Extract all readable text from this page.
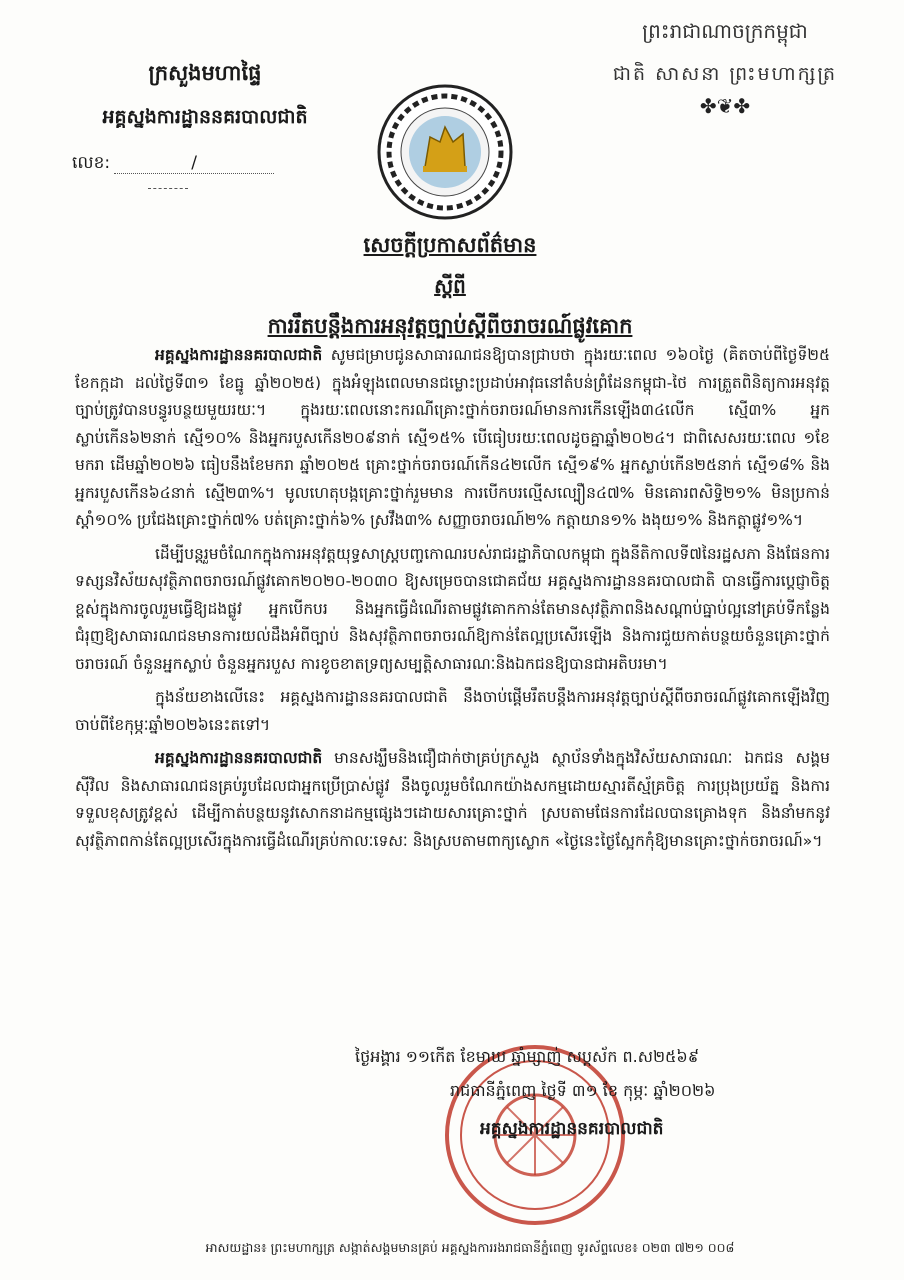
ក្រសួងមហាផ្ទៃ
អគ្គស្នងការដ្ឋាននគរបាលជាតិ
លេខ:	/
ព្រះរាជាណាចក្រកម្ពុជា
ជាតិ សាសនា ព្រះមហាក្សត្រ
✤❦✤
សេចក្តីប្រកាសព័ត៌មាន
ស្តីពី
ការរឹតបន្តឹងការអនុវត្តច្បាប់ស្តីពីចរាចរណ៍ផ្លូវគោក

អគ្គស្នងការដ្ឋាននគរបាលជាតិ សូមជម្រាបជូនសាធារណជនឱ្យបានជ្រាបថា ក្នុងរយៈពេល ១៦០ថ្ងៃ (គិតចាប់ពីថ្ងៃទី២៥ ខែកក្កដា ដល់ថ្ងៃទី៣១ ខែធ្នូ ឆ្នាំ២០២៥) ក្នុងអំឡុងពេលមានជម្លោះប្រដាប់អាវុធនៅតំបន់ព្រំដែនកម្ពុជា-ថៃ ការត្រួតពិនិត្យការអនុវត្តច្បាប់ត្រូវបានបន្ធូរបន្ថយមួយរយៈ។ ក្នុងរយៈពេលនោះករណីគ្រោះថ្នាក់ចរាចរណ៍មានការកើនឡើង៣៤លើក ស្មើ៣% អ្នកស្លាប់កើន៦២នាក់ ស្មើ១០% និងអ្នករបួសកើន២០៩នាក់ ស្មើ១៥% បើធៀបរយៈពេលដូចគ្នាឆ្នាំ២០២៤។ ជាពិសេសរយៈពេល ១ខែមករា ដើមឆ្នាំ២០២៦ ធៀបនឹងខែមករា ឆ្នាំ២០២៥ គ្រោះថ្នាក់ចរាចរណ៍កើន៤២លើក ស្មើ១៩% អ្នកស្លាប់កើន២៥នាក់ ស្មើ១៨% និងអ្នករបួសកើន៦៤នាក់ ស្មើ២៣%។ មូលហេតុបង្កគ្រោះថ្នាក់រួមមាន ការបើកបរល្មើសល្បឿន៤៧% មិនគោរពសិទ្ធិ២១% មិនប្រកាន់ស្តាំ១០% ប្រជែងគ្រោះថ្នាក់៧% បត់គ្រោះថ្នាក់៦% ស្រវឹង៣% សញ្ញាចរាចរណ៍២% កត្តាយាន១% ងងុយ១% និងកត្តាផ្លូវ១%។

ដើម្បីបន្តរួមចំណែកក្នុងការអនុវត្តយុទ្ធសាស្ត្របញ្ចកោណរបស់រាជរដ្ឋាភិបាលកម្ពុជា ក្នុងនីតិកាលទី៧នៃរដ្ឋសភា និងផែនការទស្សនវិស័យសុវត្ថិភាពចរាចរណ៍ផ្លូវគោក២០២០-២០៣០ ឱ្យសម្រេចបានជោគជ័យ អគ្គស្នងការដ្ឋាននគរបាលជាតិ បានធ្វើការប្តេជ្ញាចិត្តខ្ពស់ក្នុងការចូលរួមធ្វើឱ្យដងផ្លូវ អ្នកបើកបរ និងអ្នកធ្វើដំណើរតាមផ្លូវគោកកាន់តែមានសុវត្ថិភាពនិងសណ្តាប់ធ្នាប់ល្អនៅគ្រប់ទីកន្លែង ជំរុញឱ្យសាធារណជនមានការយល់ដឹងអំពីច្បាប់ និងសុវត្ថិភាពចរាចរណ៍ឱ្យកាន់តែល្អប្រសើរឡើង និងការជួយកាត់បន្ថយចំនួនគ្រោះថ្នាក់ចរាចរណ៍ ចំនួនអ្នកស្លាប់ ចំនួនអ្នករបួស ការខូចខាតទ្រព្យសម្បត្តិសាធារណៈនិងឯកជនឱ្យបានជាអតិបរមា។

ក្នុងន័យខាងលើនេះ អគ្គស្នងការដ្ឋាននគរបាលជាតិ នឹងចាប់ផ្តើមរឹតបន្តឹងការអនុវត្តច្បាប់ស្តីពីចរាចរណ៍ផ្លូវគោកឡើងវិញចាប់ពីខែកុម្ភៈឆ្នាំ២០២៦នេះតទៅ។

អគ្គស្នងការដ្ឋាននគរបាលជាតិ មានសង្ឃឹមនិងជឿជាក់ថាគ្រប់ក្រសួង ស្ថាប័នទាំងក្នុងវិស័យសាធារណៈ ឯកជន សង្គមស៊ីវិល និងសាធារណជនគ្រប់រូបដែលជាអ្នកប្រើប្រាស់ផ្លូវ នឹងចូលរួមចំណែកយ៉ាងសកម្មដោយស្មារតីស្ម័គ្រចិត្ត ការប្រុងប្រយ័ត្ន និងការទទួលខុសត្រូវខ្ពស់ ដើម្បីកាត់បន្ថយនូវសោកនាដកម្មផ្សេងៗដោយសារគ្រោះថ្នាក់ ស្របតាមផែនការដែលបានគ្រោងទុក និងនាំមកនូវសុវត្ថិភាពកាន់តែល្អប្រសើរក្នុងការធ្វើដំណើរគ្រប់កាលៈទេសៈ និងស្របតាមពាក្យស្លោក «ថ្ងៃនេះថ្ងៃស្អែកកុំឱ្យមានគ្រោះថ្នាក់ចរាចរណ៍»។

ថ្ងៃអង្គារ ១១កើត ខែមាឃ ឆ្នាំម្សាញ់ សប្តស័ក ព.ស២៥៦៩
រាជធានីភ្នំពេញ ថ្ងៃទី ៣១ ខែ កុម្ភៈ ឆ្នាំ២០២៦
អគ្គស្នងការដ្ឋាននគរបាលជាតិ
អាសយដ្ឋាន៖ ព្រះមហាក្សត្រ សង្កាត់សង្គមមានគ្រប់ អគ្គស្នងការរងរាជធានីភ្នំពេញ ទូរស័ព្ទលេខ៖ ០២៣ ៧២១ ០០៨
